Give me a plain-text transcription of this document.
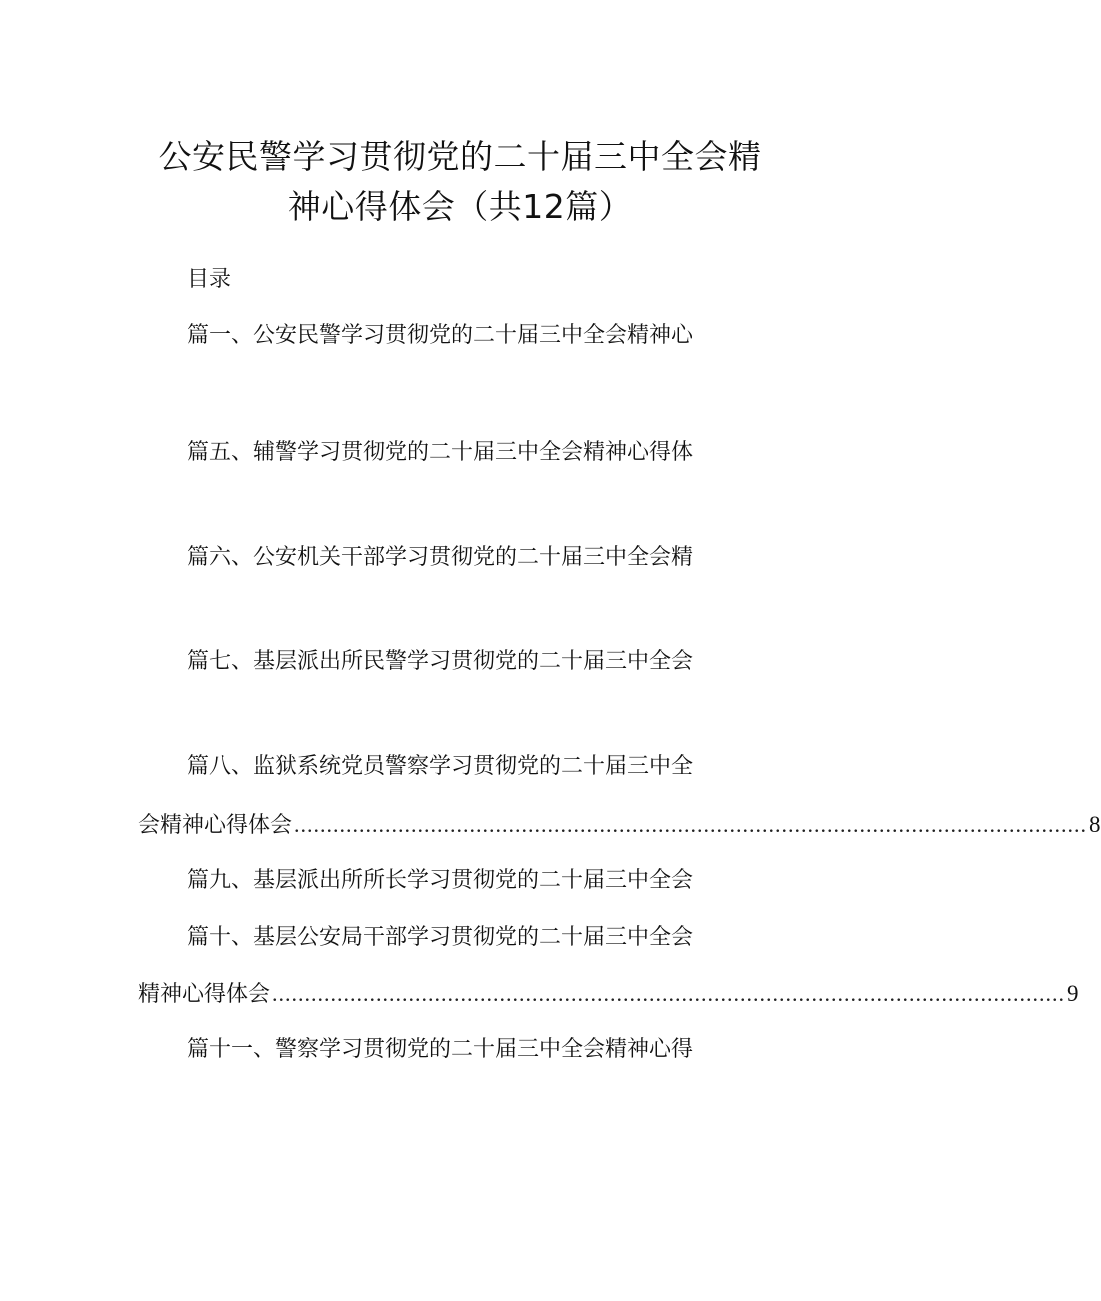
公安民警学习贯彻党的二十届三中全会精
神心得体会（共12篇）
目录
篇一、公安民警学习贯彻党的二十届三中全会精神心
篇五、辅警学习贯彻党的二十届三中全会精神心得体
篇六、公安机关干部学习贯彻党的二十届三中全会精
篇七、基层派出所民警学习贯彻党的二十届三中全会
篇八、监狱系统党员警察学习贯彻党的二十届三中全
会精神心得体会 .......................................................................................................................... 8
篇九、基层派出所所长学习贯彻党的二十届三中全会
篇十、基层公安局干部学习贯彻党的二十届三中全会
精神心得体会 .......................................................................................................................... 9
篇十一、警察学习贯彻党的二十届三中全会精神心得
